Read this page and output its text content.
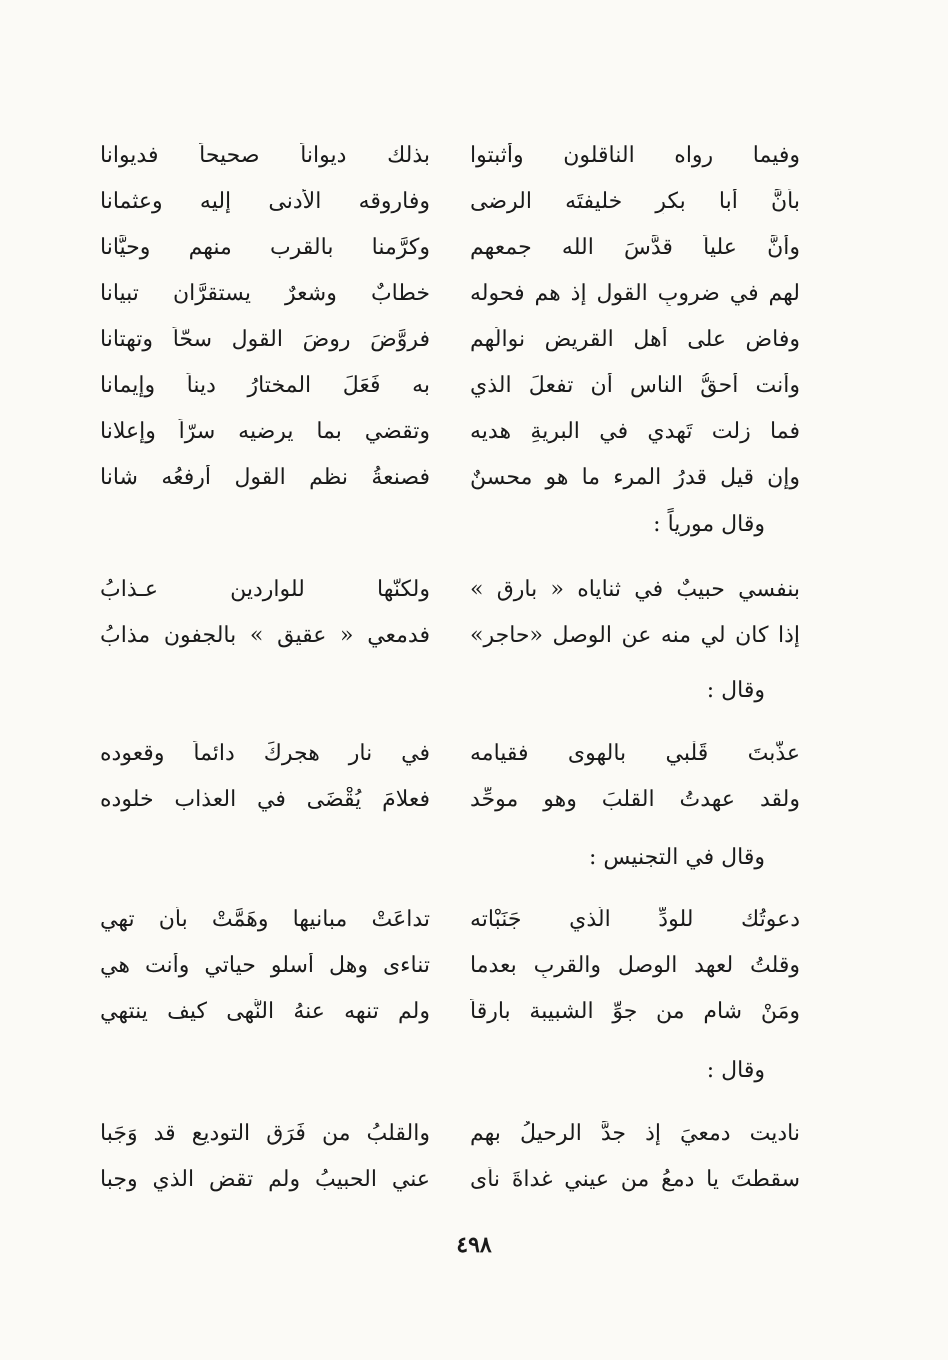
وفيما رواه الناقلون وأثبتوا
بذلك ديواناً صحيحاً فديوانا
بأنَّ أبا بكرٍ خليفتَه الرضى
وفاروقه الأدنى إليه وعثمانا
وأنَّ علياً قدَّسَ الله جمعهم
وكرَّمنا بالقرب منهم وحيَّانا
لهم في ضروبِ القول إذ هم فحوله
خطابٌ وشعرٌ يستقرَّان تبيانا
وفاض على أهل القريضِ نوالُهم
فروَّضَ روضَ القول سحّاً وتهتانا
وأنت أحقُّ الناسِ أن تفعلَ الذي
به فَعَلَ المختارُ ديناً وإيمانا
فما زلت تَهدي في البريةِ هديه
وتقضي بما يرضيه سرّاً وإعلانا
وإن قيل قدرُ المرء ما هو محسنٌ
فصنعةُ نظمِ القول أرفعُه شانا
وقال مورياً :
بنفسي حبيبٌ في ثناياه « بارق »
ولكنّها للواردين عـذابُ
إذا كان لي منه عن الوصل «حاجر»
فدمعي « عقيق » بالجفون مذابُ
وقال :
عذَّبتَ قَلْبي بالهوى فقيامه
في نارِ هجركَ دائماً وقعوده
ولقد عهدتُ القلبَ وهو موحِّد
فعلامَ يُقْضَى في العذاب خلوده
وقال في التجنيس :
دعوتُك للودِّ الّذي جَنَبْاته
تداعَتْ مبانيها وهَمَّتْ بأن تهي
وقلتُ لعهد الوصل والقربِ بعدما
تناءى وهل أسلو حياتي وأنت هي
ومَنْ شام من جوِّ الشبيبة بارقاً
ولم تنهه عنهُ النُّهى كيف ينتهي
وقال :
ناديت دمعيَ إذ جدَّ الرحيلُ بهم
والقلبُ من فَرَقِ التوديع قد وَجَبا
سقطتَ يا دمعُ من عيني غداةَ نأى
عني الحبيبُ ولم تقضِ الذي وجبا
٤٩٨
